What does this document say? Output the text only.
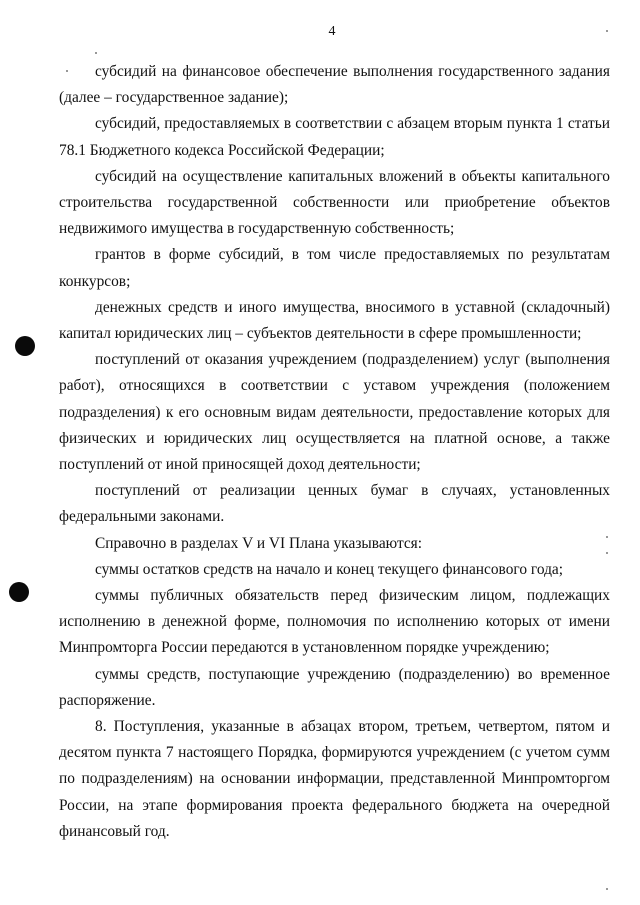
4

субсидий на финансовое обеспечение выполнения государственного задания (далее – государственное задание);

субсидий, предоставляемых в соответствии с абзацем вторым пункта 1 статьи 78.1 Бюджетного кодекса Российской Федерации;

субсидий на осуществление капитальных вложений в объекты капитального строительства государственной собственности или приобретение объектов недвижимого имущества в государственную собственность;

грантов в форме субсидий, в том числе предоставляемых по результатам конкурсов;

денежных средств и иного имущества, вносимого в уставной (складочный) капитал юридических лиц – субъектов деятельности в сфере промышленности;

поступлений от оказания учреждением (подразделением) услуг (выполнения работ), относящихся в соответствии с уставом учреждения (положением подразделения) к его основным видам деятельности, предоставление которых для физических и юридических лиц осуществляется на платной основе, а также поступлений от иной приносящей доход деятельности;

поступлений от реализации ценных бумаг в случаях, установленных федеральными законами.

Справочно в разделах V и VI Плана указываются:

суммы остатков средств на начало и конец текущего финансового года;

суммы публичных обязательств перед физическим лицом, подлежащих исполнению в денежной форме, полномочия по исполнению которых от имени Минпромторга России передаются в установленном порядке учреждению;

суммы средств, поступающие учреждению (подразделению) во временное распоряжение.

8. Поступления, указанные в абзацах втором, третьем, четвертом, пятом и десятом пункта 7 настоящего Порядка, формируются учреждением (с учетом сумм по подразделениям) на основании информации, представленной Минпромторгом России, на этапе формирования проекта федерального бюджета на очередной финансовый год.
